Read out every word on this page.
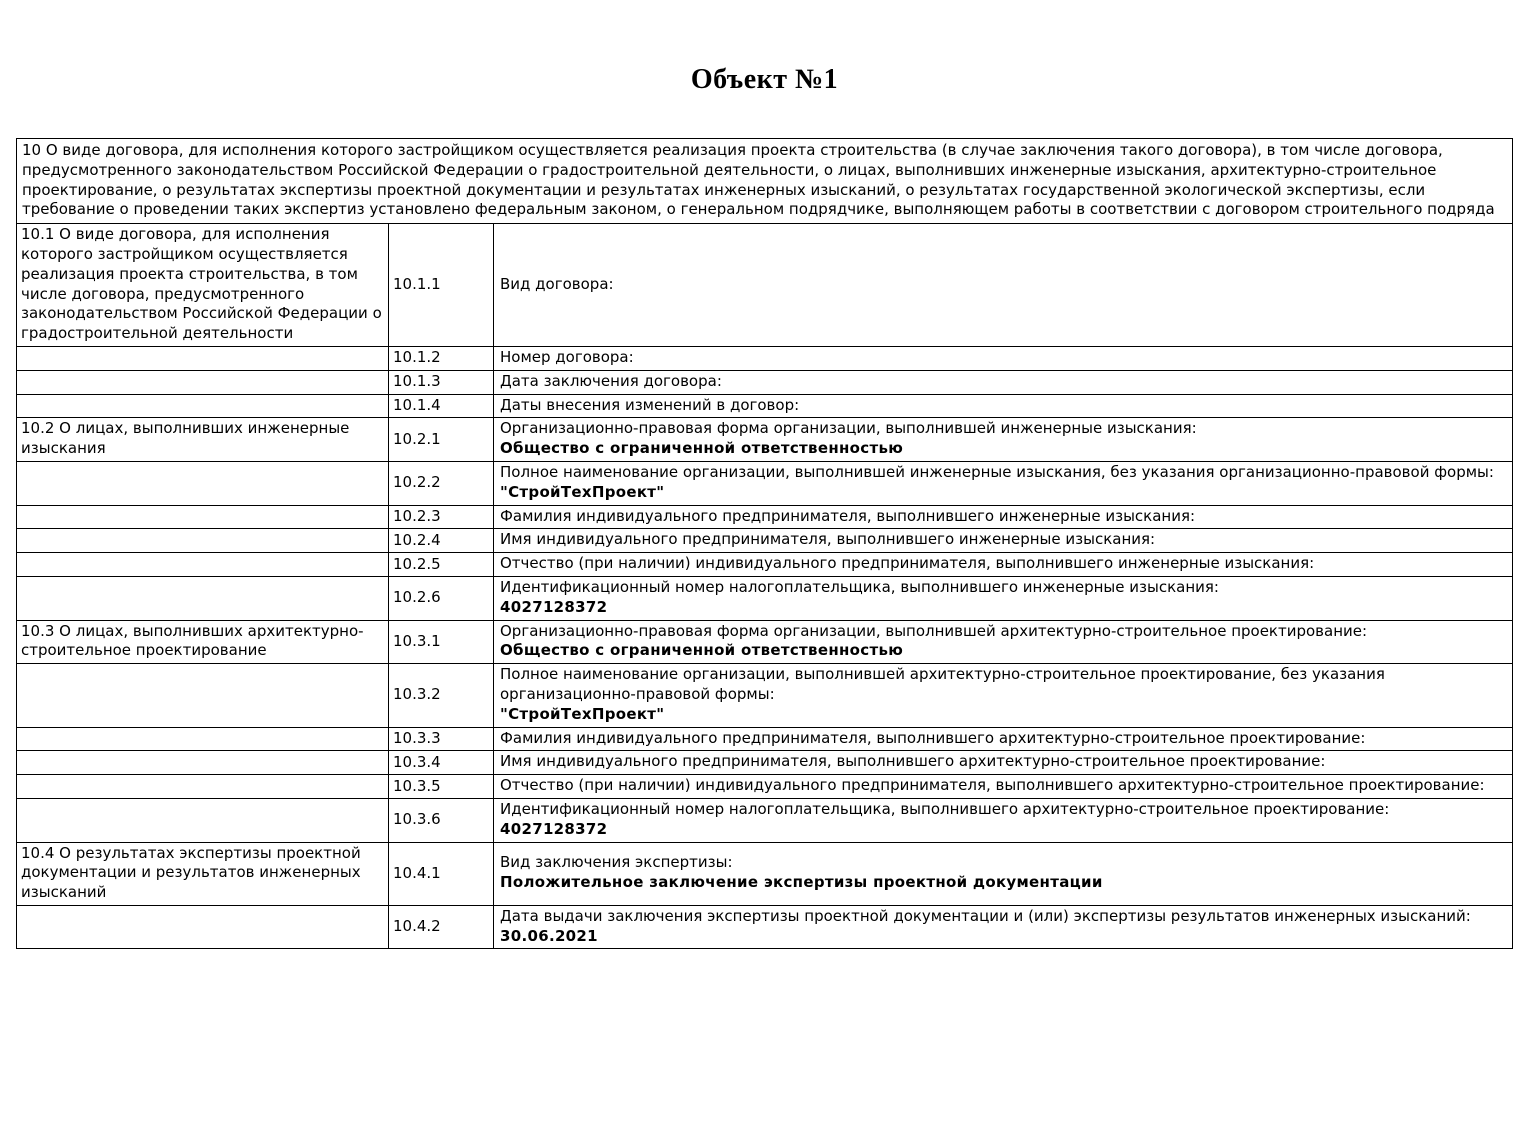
Объект №1
10 О виде договора, для исполнения которого застройщиком осуществляется реализация проекта строительства (в случае заключения такого договора), в том числе договора, предусмотренного законодательством Российской Федерации о градостроительной деятельности, о лицах, выполнивших инженерные изыскания, архитектурно-строительное проектирование, о результатах экспертизы проектной документации и результатах инженерных изысканий, о результатах государственной экологической экспертизы, если требование о проведении таких экспертиз установлено федеральным законом, о генеральном подрядчике, выполняющем работы в соответствии с договором строительного подряда		
10.1 О виде договора, для исполнения которого застройщиком осуществляется реализация проекта строительства, в том числе договора, предусмотренного законодательством Российской Федерации о градостроительной деятельности	10.1.1	Вид договора:

	10.1.2	Номер договора:

	10.1.3	Дата заключения договора:

	10.1.4	Даты внесения изменений в договор:

10.2 О лицах, выполнивших инженерные изыскания	10.2.1	Организационно-правовая форма организации, выполнившей инженерные изыскания:
Общество с ограниченной ответственностью

	10.2.2	Полное наименование организации, выполнившей инженерные изыскания, без указания организационно-правовой формы:
"СтройТехПроект"

	10.2.3	Фамилия индивидуального предпринимателя, выполнившего инженерные изыскания:

	10.2.4	Имя индивидуального предпринимателя, выполнившего инженерные изыскания:

	10.2.5	Отчество (при наличии) индивидуального предпринимателя, выполнившего инженерные изыскания:

	10.2.6	Идентификационный номер налогоплательщика, выполнившего инженерные изыскания:
4027128372

10.3 О лицах, выполнивших архитектурно-строительное проектирование	10.3.1	Организационно-правовая форма организации, выполнившей архитектурно-строительное проектирование:
Общество с ограниченной ответственностью

	10.3.2	Полное наименование организации, выполнившей архитектурно-строительное проектирование, без указания организационно-правовой формы:
"СтройТехПроект"

	10.3.3	Фамилия индивидуального предпринимателя, выполнившего архитектурно-строительное проектирование:

	10.3.4	Имя индивидуального предпринимателя, выполнившего архитектурно-строительное проектирование:

	10.3.5	Отчество (при наличии) индивидуального предпринимателя, выполнившего архитектурно-строительное проектирование:

	10.3.6	Идентификационный номер налогоплательщика, выполнившего архитектурно-строительное проектирование:
4027128372

10.4 О результатах экспертизы проектной документации и результатов инженерных изысканий	10.4.1	Вид заключения экспертизы:
Положительное заключение экспертизы проектной документации

	10.4.2	Дата выдачи заключения экспертизы проектной документации и (или) экспертизы результатов инженерных изысканий:
30.06.2021
